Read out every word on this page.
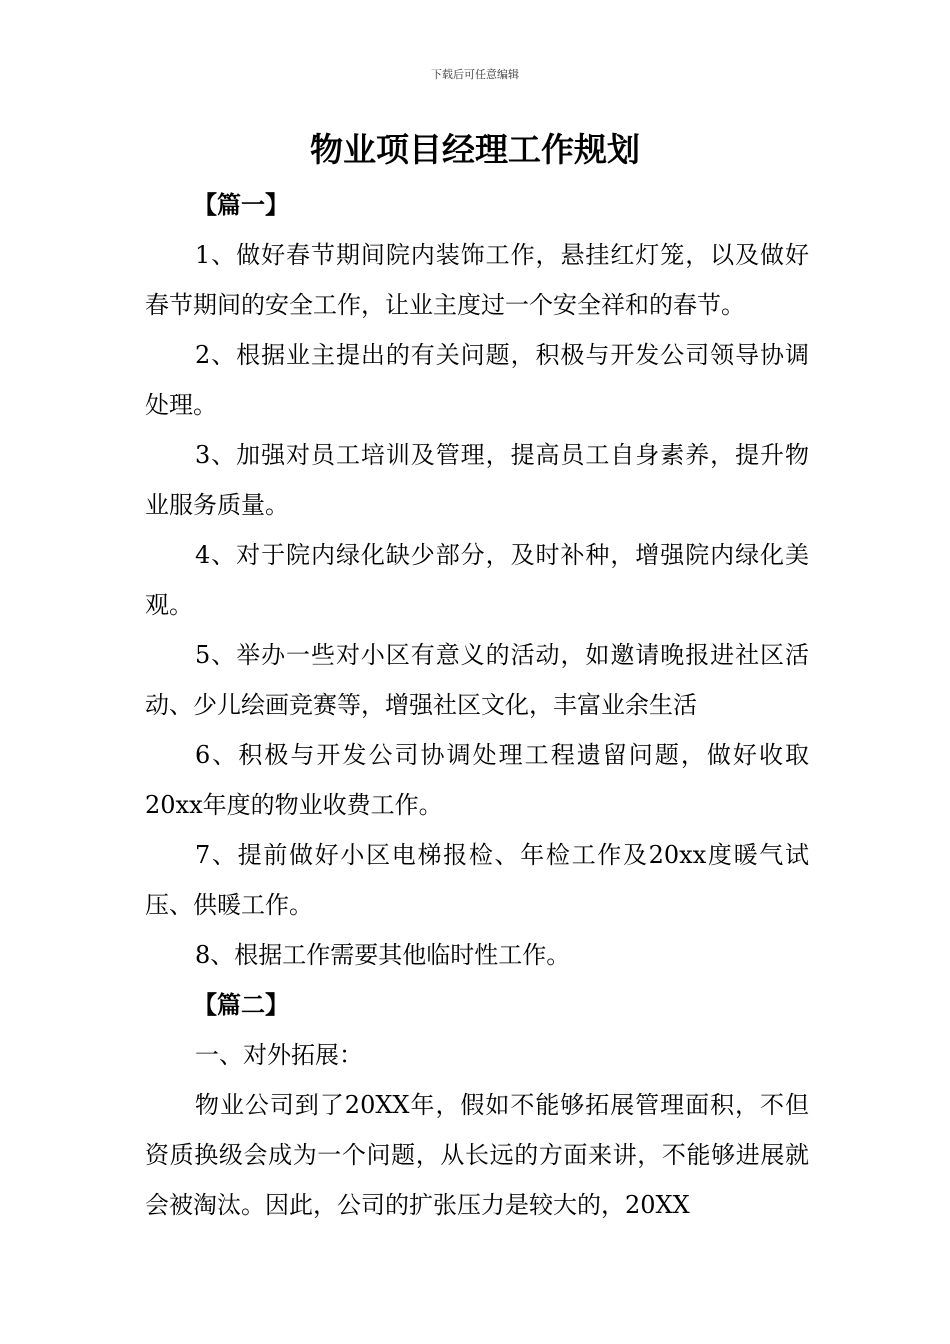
下载后可任意编辑
物业项目经理工作规划

【篇一】

1、做好春节期间院内装饰工作，悬挂红灯笼，以及做好春节期间的安全工作，让业主度过一个安全祥和的春节。

2、根据业主提出的有关问题，积极与开发公司领导协调处理。

3、加强对员工培训及管理，提高员工自身素养，提升物业服务质量。

4、对于院内绿化缺少部分，及时补种，增强院内绿化美观。

5、举办一些对小区有意义的活动，如邀请晚报进社区活动、少儿绘画竞赛等，增强社区文化，丰富业余生活

6、积极与开发公司协调处理工程遗留问题，做好收取20xx年度的物业收费工作。

7、提前做好小区电梯报检、年检工作及20xx度暖气试压、供暖工作。

8、根据工作需要其他临时性工作。

【篇二】

一、对外拓展：

物业公司到了20XX年，假如不能够拓展管理面积，不但资质换级会成为一个问题，从长远的方面来讲，不能够进展就会被淘汰。因此，公司的扩张压力是较大的，20XX
